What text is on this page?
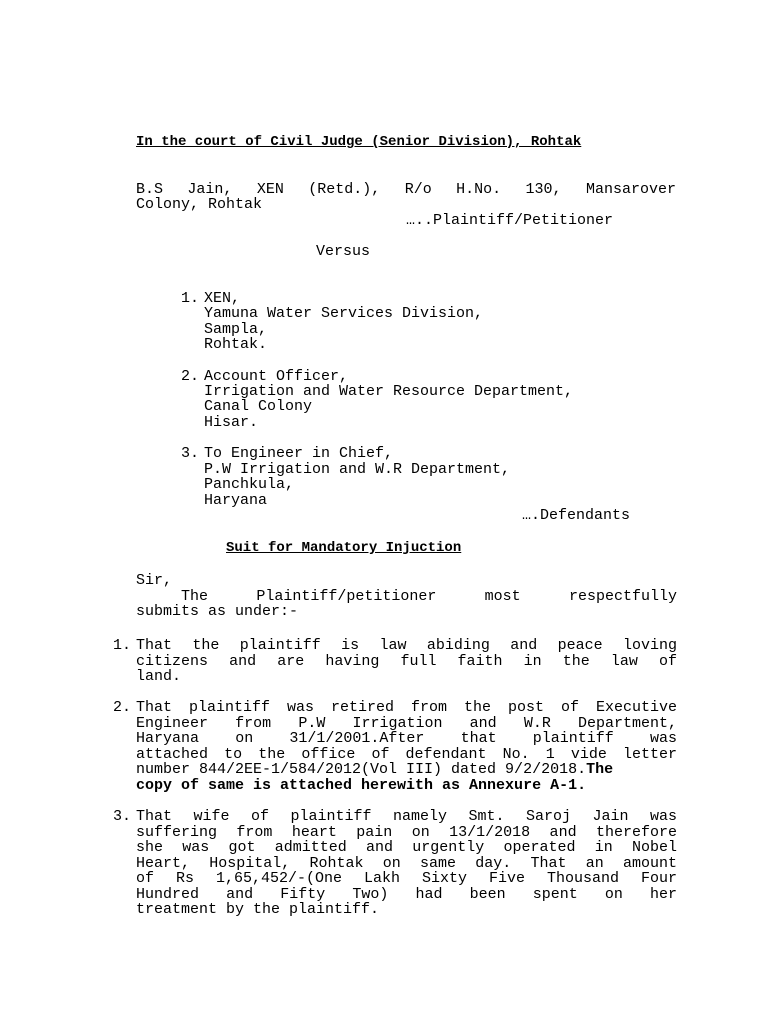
In the court of Civil Judge (Senior Division), Rohtak
B.S Jain, XEN (Retd.), R/o H.No. 130, Mansarover
Colony, Rohtak
…..Plaintiff/Petitioner
Versus
1. XEN,
Yamuna Water Services Division,
Sampla,
Rohtak.
2. Account Officer,
Irrigation and Water Resource Department,
Canal Colony
Hisar.
3. To Engineer in Chief,
P.W Irrigation and W.R Department,
Panchkula,
Haryana
….Defendants
Suit for Mandatory Injuction
Sir,
The Plaintiff/petitioner most respectfully
submits as under:-
1. That the plaintiff is law abiding and peace loving
citizens and are having full faith in the law of
land.
2. That plaintiff was retired from the post of Executive
Engineer from P.W Irrigation and W.R Department,
Haryana on 31/1/2001.After that plaintiff was
attached to the office of defendant No. 1 vide letter
number 844/2EE-1/584/2012(Vol III) dated 9/2/2018.The
copy of same is attached herewith as Annexure A-1.
3. That wife of plaintiff namely Smt. Saroj Jain was
suffering from heart pain on 13/1/2018 and therefore
she was got admitted and urgently operated in Nobel
Heart, Hospital, Rohtak on same day. That an amount
of Rs 1,65,452/-(One Lakh Sixty Five Thousand Four
Hundred and Fifty Two) had been spent on her
treatment by the plaintiff.
